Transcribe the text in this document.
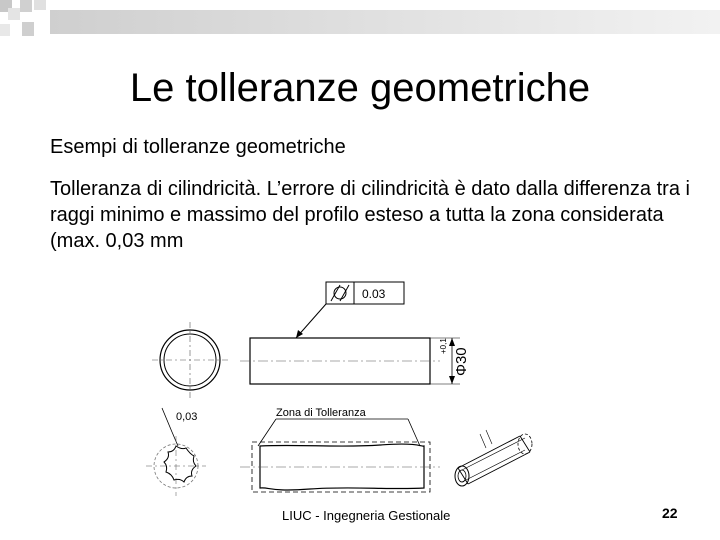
Le tolleranze geometriche
Esempi di tolleranze geometriche
Tolleranza di cilindricità. L’errore di cilindricità è dato dalla differenza tra i raggi minimo e massimo del profilo esteso a tutta la zona considerata (max. 0,03 mm
0.03
Φ30
+0,1
Zona di Tolleranza
0,03
LIUC - Ingegneria Gestionale	22
